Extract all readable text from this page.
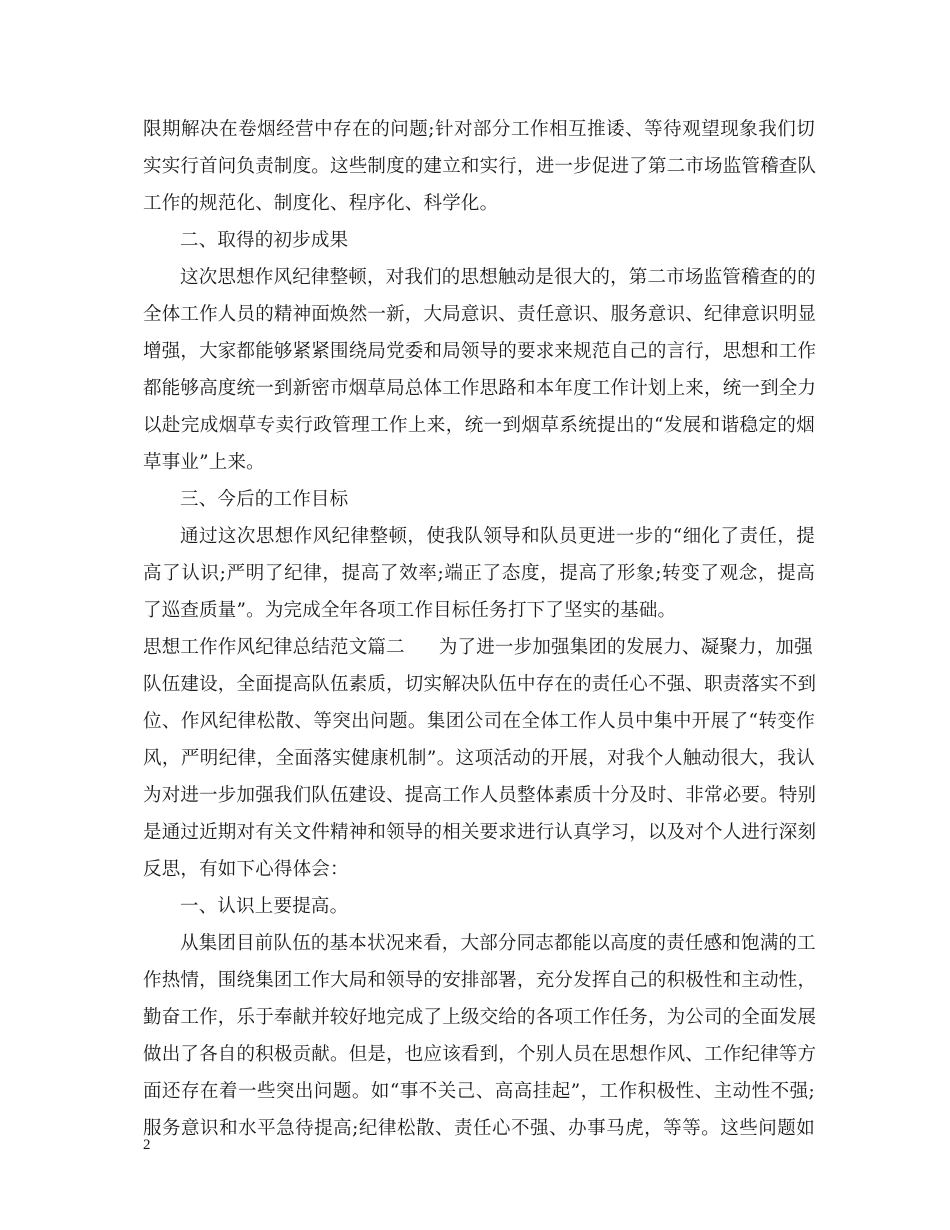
限期解决在卷烟经营中存在的问题;针对部分工作相互推诿、等待观望现象我们切
实实行首问负责制度。这些制度的建立和实行，进一步促进了第二市场监管稽查队
工作的规范化、制度化、程序化、科学化。
二、取得的初步成果
这次思想作风纪律整顿，对我们的思想触动是很大的，第二市场监管稽查的的
全体工作人员的精神面焕然一新，大局意识、责任意识、服务意识、纪律意识明显
增强，大家都能够紧紧围绕局党委和局领导的要求来规范自己的言行，思想和工作
都能够高度统一到新密市烟草局总体工作思路和本年度工作计划上来，统一到全力
以赴完成烟草专卖行政管理工作上来，统一到烟草系统提出的“发展和谐稳定的烟
草事业”上来。
三、今后的工作目标
通过这次思想作风纪律整顿，使我队领导和队员更进一步的“细化了责任，提
高了认识;严明了纪律，提高了效率;端正了态度，提高了形象;转变了观念，提高
了巡查质量”。为完成全年各项工作目标任务打下了坚实的基础。
思想工作作风纪律总结范文篇二 为了进一步加强集团的发展力、凝聚力，加强
队伍建设，全面提高队伍素质，切实解决队伍中存在的责任心不强、职责落实不到
位、作风纪律松散、等突出问题。集团公司在全体工作人员中集中开展了“转变作
风，严明纪律，全面落实健康机制”。这项活动的开展，对我个人触动很大，我认
为对进一步加强我们队伍建设、提高工作人员整体素质十分及时、非常必要。特别
是通过近期对有关文件精神和领导的相关要求进行认真学习，以及对个人进行深刻
反思，有如下心得体会：
一、认识上要提高。
从集团目前队伍的基本状况来看，大部分同志都能以高度的责任感和饱满的工
作热情，围绕集团工作大局和领导的安排部署，充分发挥自己的积极性和主动性，
勤奋工作，乐于奉献并较好地完成了上级交给的各项工作任务，为公司的全面发展
做出了各自的积极贡献。但是，也应该看到，个别人员在思想作风、工作纪律等方
面还存在着一些突出问题。如“事不关己、高高挂起”，工作积极性、主动性不强;
服务意识和水平急待提高;纪律松散、责任心不强、办事马虎，等等。这些问题如
2
